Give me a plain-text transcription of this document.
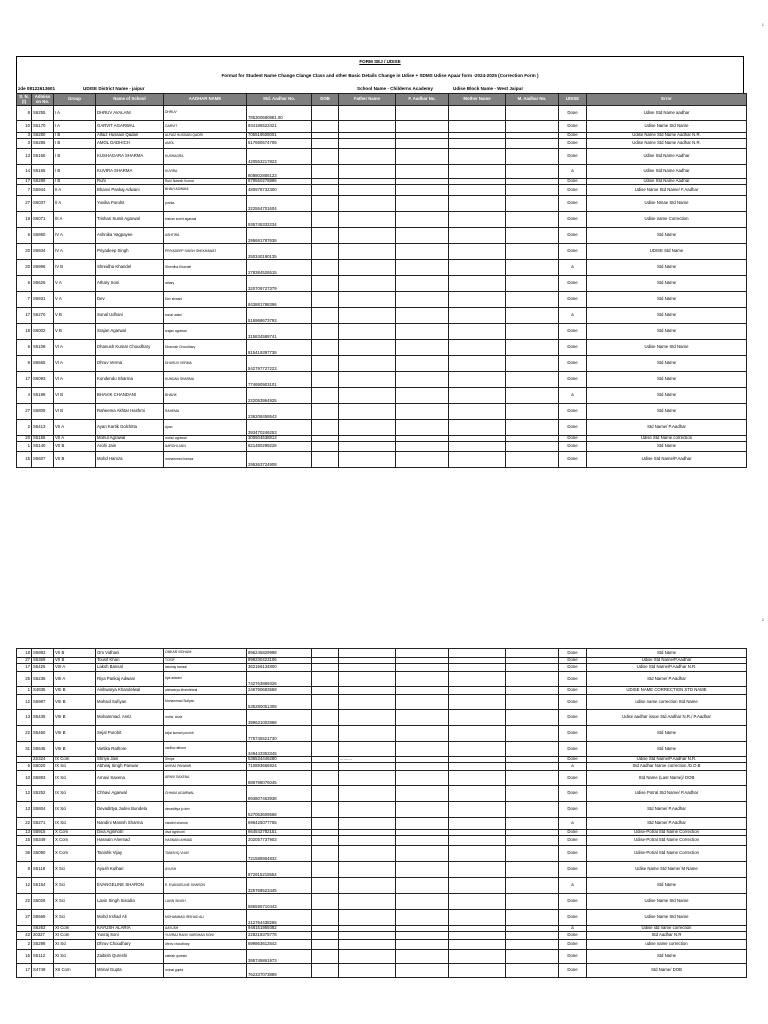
1
FORM SEJ / UDISE
Format for Student Name Change Clange Class and other Basic Details Change in Udise + SDMS Udise Apaar form -2024-2025 (Correction Form )
zde 08122613601	UDISE District Name - jaipur	School Name - Childerns Academy	Udise Block Name - West Jaipur
S. N. (I)	Admiss on No.	Group	Name of School	AADHAR NAME	Std. Aadhar No.	DOB	Father Name	F. Aadhar No.	Mother Name	M. Aadhar No.	UDISE	Error
8	S6255	I A	DHRUV AVALANI	DHRUV	785300680881.00						Done	Udise Std Name aadhar
10	S6170	I A	GARVIT AGARWAL	GARVIT	934186523421						Done	Udise Name Std Name
3	S6280	I B	Alfaiz Hussain Qadari	ALFAIZ HUSSAIN QADRI	705519608001						Done	Udise Name Std Name Aadhar N.R.
3	S6286	I B	AMOL DADHICH	AMOL	517690574706						Done	Udise Name Std Name Aadhar N.R.
13	S6166	I B	KUSHAGARA SHARMA	KUSHAGRA	420553217823						Done	Udise Std Name Aadhar
14	S6165	I B	KUVIRA SHARMA	KUVIRA	808802806123						a	Udise Std Name Aadhar
17	S6289	I B	Ruhi	Ruhi Naresh Kumar	879550278896						Done	Udise Std Name Aadhar
7	S5944	II A	Bhanvi Pankaj Adwani	BHAVI ADWANI	480978732300						Done	Udise Name Std Name/ F.Aadhar
27	S6037	II A	Yuvika Purohit	yuvika	322554701604						Done	Udise Nmae Std Name
19	S6071	III A	Trishan Sumit Agarwal	trishan sumit agarwal	935745332234						Done	Udise name Correction
6	S5860	IV A	Ashnika Vagpayee	ASHTIRA	295681787638						Done	Std Name
20	S5934	IV A	Priyadeep Singh	PRIYADEEP SINGH SHEKHAWAT	250340190135						Done	UDISE Std Name
20	S5996	IV B	Shreidha Khandel	Shreidha Khandel	278384526515						a	Std Name
6	S5625	V A	Athary Soni	athary	320709727379						Done	Std Name
7	S5931	V A	Dev	Dev shwani	843881788396						Done	Std Name
17	S6270	V B	Sonal Udhani	sonal udani	516968673793						a	Std Name
18	S6002	V B	Srajan Agarwal	srajan agrawal	315834589741						Done	Std Name
6	S6108	VI A	Dhanush Kumar Choudhary	Dhanush Choudhary	815419397738						Done	Udise Name Std Name
9	S5565	VI A	Dhruv Verma	DHURUV VERMA	542797727223						Done	Std Name
17	S6093	VI A	Kundendu Sharma	KUNDAN SHARMA	774690903101						Done	Std Name
4	S6198	VI B	BHAVIK CHANDANI	BHAVIK	222053964925						a	Std Name
27	S5805	VI B	Raheema Akhtar Hashmi	RAHEMA	236208459543						Done	Std Name
2	S5413	VII A	Ayan Kartik Golchitta	Ayan	393470246253						Done	Std Name/ P.Aadhar
20	S5165	VII A	Mohul Agrawal	mohul agrawal	300504538813						Done	Udise Std Name correction
1	S5140	VII B	Arohi Jain	AAROHI JAIN	821480299228						Done	Std Name
15	S5607	VII B	Mohd Hamza	mohammed hamza	295363724908						Done	Udise Std Name/P.Aadhar
2
18	S5983	VII B	Om Vidhani	OMKAR VIDHANI	896245829998						Done	Std Name
27	S5369	VII B	Tousif Khan	TOSIF	899230423106						Done	Udise Std Name/P.Aadhar
17	S5425	VIII A	Laksh Bansal	lakshay bansal	362166134800						Done	Udise Std Name/P.Aadhar N.R.
25	S5236	VIII A	Riya Pankaj Adwani	riya adwani	742763869326						Done	Std Name/ P.Aadhar
1	S4935	VIII B	Aishwarya Khandelwal	aishwarya khandelwal	246790683558						Done	UDISE NAME CORRECTION STD NAME
12	S5987	VIII B	Mohsid Sufiyan	Mohammad Sufiyan	535280051308						Done	udise name correction Std Name
13	S5435	VIII B	Mohammad. Asriz	mohd. Asriz	399631002868						Done	Udise aadhar issue Std Aadhar N.R./ P.Aadhar
22	S5460	VIII B	Sejal Purohit	sejal kumari purohit	775745521730						Done	Std Name
31	S5545	VIII B	Vartika Rathore	vartika rathore	349443353345						Done	Std Name
	2S324	IX Com	Shriya Jain	Shriya	536534446280		..........				Done	Udise Std Name/P.Aadhar N.R.
5	S6020	IX Sci	Abhiraj Singh Panwar	AVIRAJ PANWAR	710893666924						a	Std Aadhar Name correction /D.O.B
10	S5893	IX Sci	Arnavi Saxena	ARNVI SAXENA	886798076045						Done	Std Name (Last Name)/ DOB
12	S5252	IX Sci	Chhavi Agarwal	CHHAVI AGARWAL	893807463938						Done	Udise Potral Std Name/ P.Aadhar
13	S5804	IX Sci	Devadittya Judev Bundela	devadittya ju dev	527053609568						Done	Std Name/ P.Aadhar
22	S5271	IX Sci	Nandini Manish Sharma	nandini sharma	696425077755						a	Std Name/ P.Aadhar
13	S5915	X Com	Diva Agnihotri	diva agnihotri	664542782151						Done	Udise-Potral Std Name Correction
15	S5349	X Com	Hasnain Ahemad	HASNAIN AHMAD	202057737903						Done	Udise-Potral Std Name Correction
36	S5090	X Com	Tanishk Vijay	TANISHQ VIJAY	721588964832						Done	Udise-Potral Std Name Correction
8	S5118	X Sci	Ayush Kulhari	AYUSH	872915215554						Done	Udise Name Std Name/ M Name
12	S6154	X Sci	EVANGELINE SHARON	E. EVANGELINE SHARON	325768523445						a	Std Name
22	S5026	X Sci	Lavin Singh Sisodia	LAVIN SINGH	586596710443						Done	Udise Name Std Name
27	S5569	X Sci	Mohd Irshad Ali	MOHAMMAD IRSHAD ALI	212764438265						Done	Udise Name Std Name
	S6263	XI Com	KAYUSH ALARIA	AAYUSH	948151959382						a	Udise std name correction
42	20327	XI Com	Yuvraj Soni	YUVRAJ RANV VARDHAN SONI	228218375778						Done	Std Aadhar N.R
2	S5298	XI Sci	Dhruv Choudhary	dhruv choudhary	699863612542						Done	udise name correction
16	S5112	XI Sci	Zaibish Qureshi	zaibish qureshi	395745861973						Done	Std Name
17	S4749	XII Com	Mrinal Gupta	mrinal gupta	762337073889						Done	Std Name/ DOB
